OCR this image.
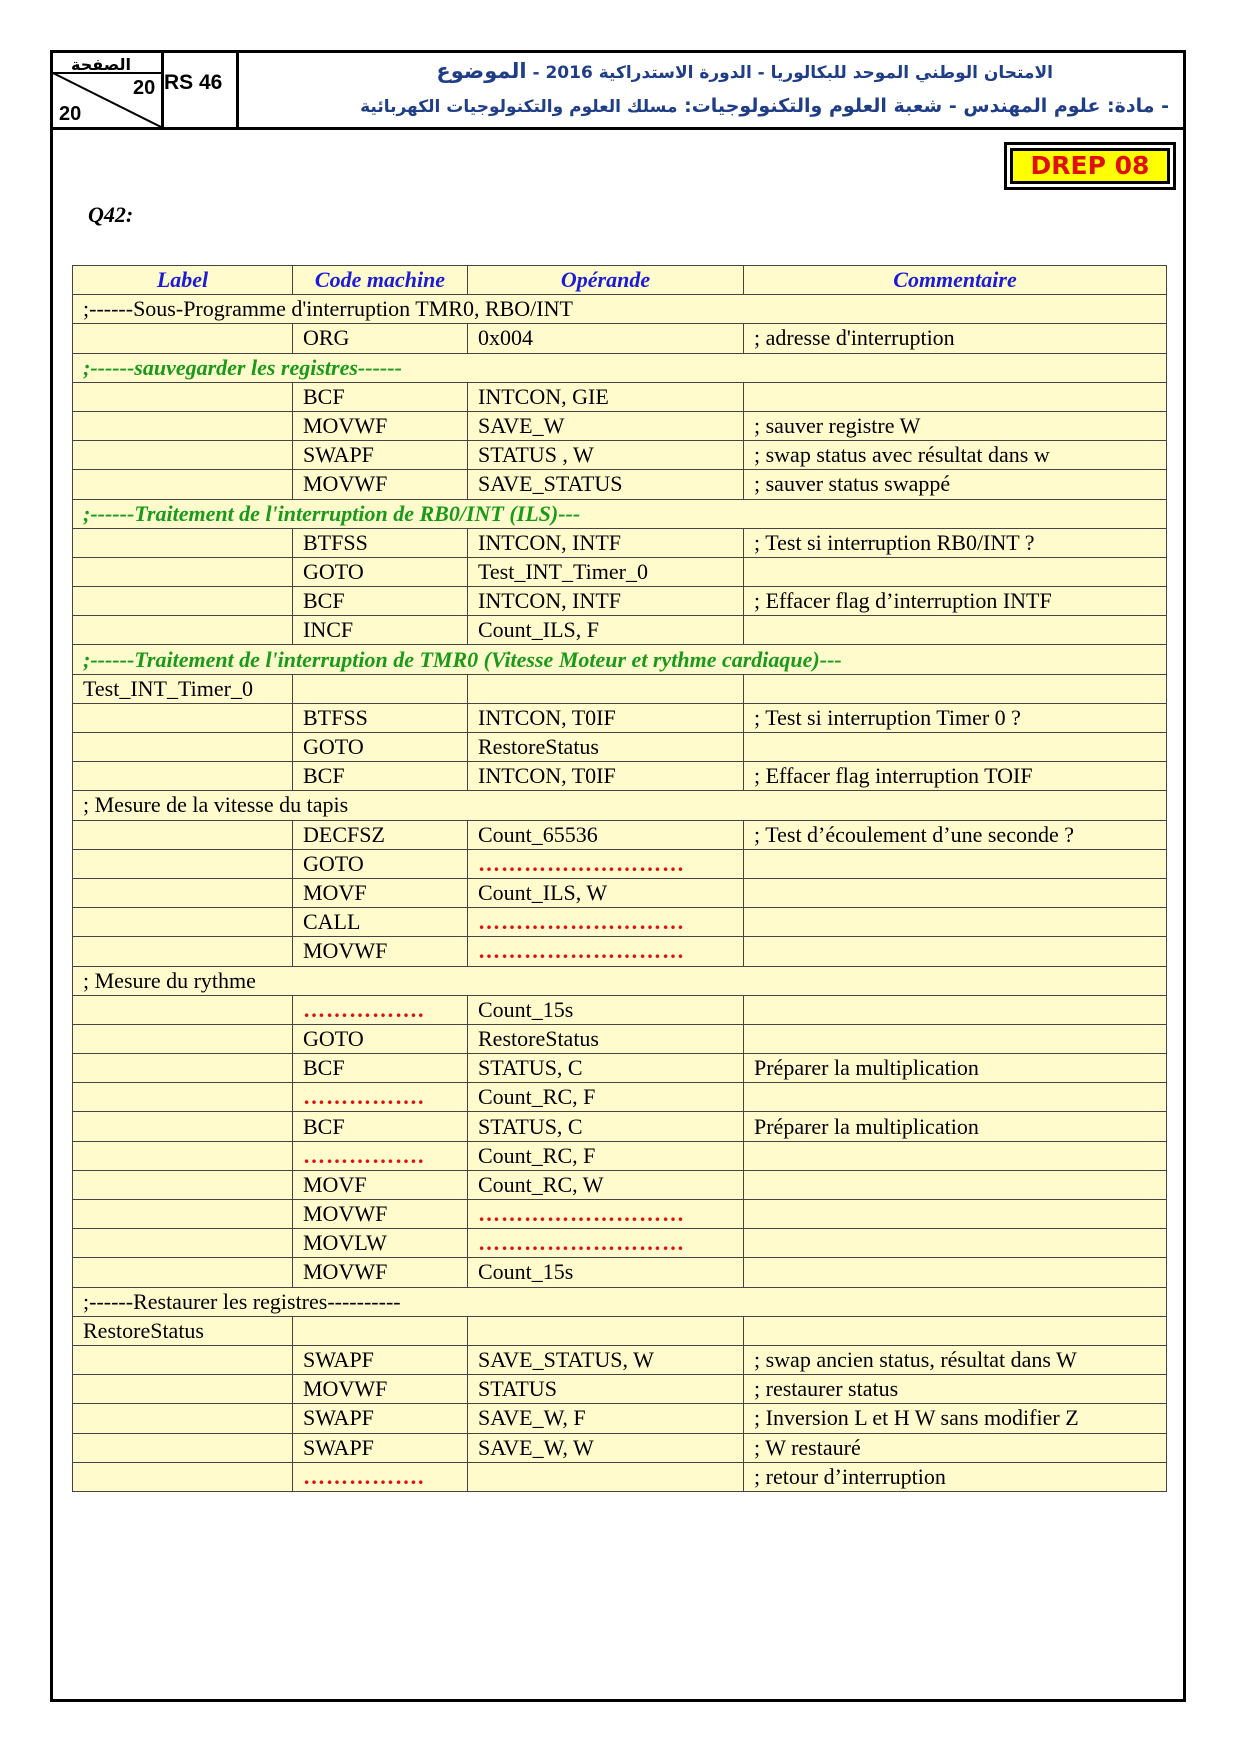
الصفحة
20
20
RS 46	الامتحان الوطني الموحد للبكالوريا - الدورة الاستدراكية 2016 - الموضوع
- مادة: علوم المهندس - شعبة العلوم والتكنولوجيات: مسلك العلوم والتكنولوجيات الكهربائية
DREP 08
Q42:
Label	Code machine	Opérande	Commentaire
;------Sous-Programme d'interruption TMR0, RBO/INT			
	ORG	0x004	; adresse d'interruption
;------sauvegarder les registres------			
	BCF	INTCON, GIE	
	MOVWF	SAVE_W	; sauver registre W
	SWAPF	STATUS , W	; swap status avec résultat dans w
	MOVWF	SAVE_STATUS	; sauver status swappé
;------Traitement de l'interruption de RB0/INT (ILS)---			
	BTFSS	INTCON, INTF	; Test si interruption RB0/INT ?
	GOTO	Test_INT_Timer_0	
	BCF	INTCON, INTF	; Effacer flag d’interruption INTF
	INCF	Count_ILS, F	
;------Traitement de l'interruption de TMR0 (Vitesse Moteur et rythme cardiaque)---			
Test_INT_Timer_0			
	BTFSS	INTCON, T0IF	; Test si interruption Timer 0 ?
	GOTO	RestoreStatus	
	BCF	INTCON, T0IF	; Effacer flag interruption TOIF
; Mesure de la vitesse du tapis			
	DECFSZ	Count_65536	; Test d’écoulement d’une seconde ?
	GOTO	………………………	
	MOVF	Count_ILS, W	
	CALL	………………………	
	MOVWF	………………………	
; Mesure du rythme			
	…………….	Count_15s	
	GOTO	RestoreStatus	
	BCF	STATUS, C	Préparer la multiplication
	…………….	Count_RC, F	
	BCF	STATUS, C	Préparer la multiplication
	…………….	Count_RC, F	
	MOVF	Count_RC, W	
	MOVWF	………………………	
	MOVLW	………………………	
	MOVWF	Count_15s	
;------Restaurer les registres----------			
RestoreStatus			
	SWAPF	SAVE_STATUS, W	; swap ancien status, résultat dans W
	MOVWF	STATUS	; restaurer status
	SWAPF	SAVE_W, F	; Inversion L et H W sans modifier Z
	SWAPF	SAVE_W, W	; W restauré
	…………….		; retour d’interruption
